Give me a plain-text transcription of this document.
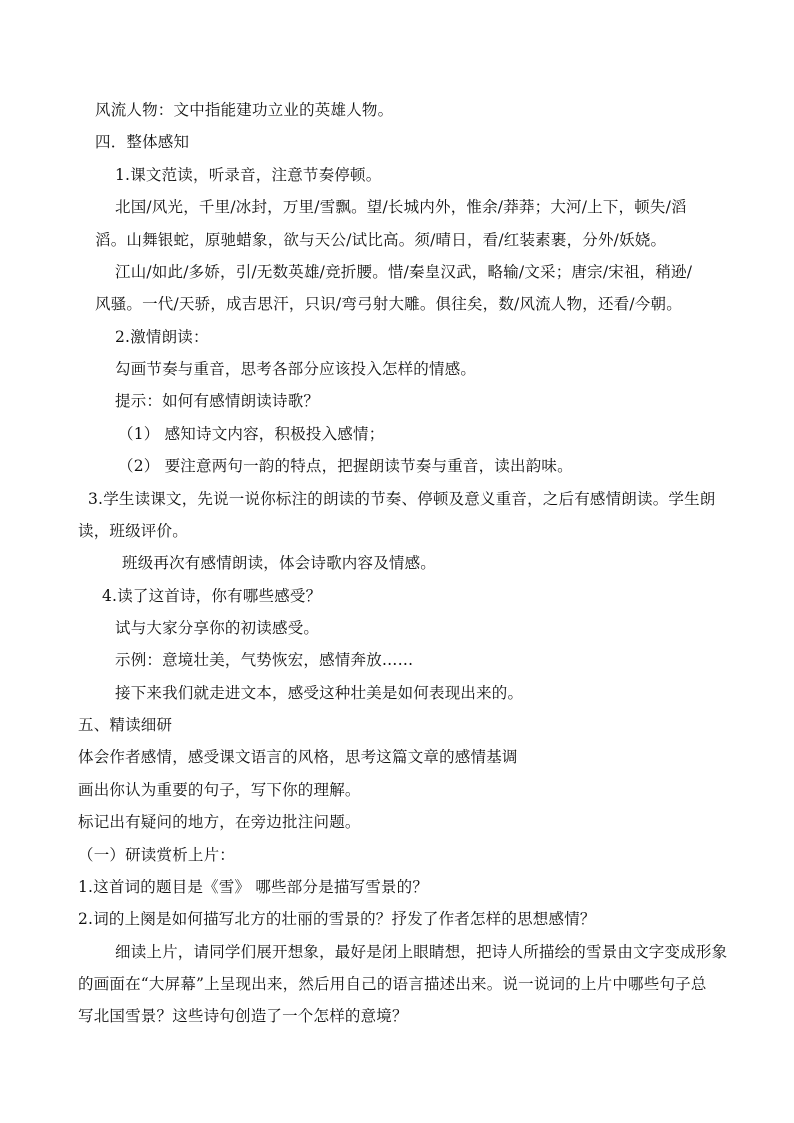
风流人物：文中指能建功立业的英雄人物。
四．整体感知
1.课文范读，听录音，注意节奏停顿。
北国/风光，千里/冰封，万里/雪飘。望/长城内外，惟余/莽莽；大河/上下，顿失/滔
滔。山舞银蛇，原驰蜡象，欲与天公/试比高。须/晴日，看/红装素裹，分外/妖娆。
江山/如此/多娇，引/无数英雄/竞折腰。惜/秦皇汉武，略输/文采；唐宗/宋祖，稍逊/
风骚。一代/天骄，成吉思汗，只识/弯弓射大雕。俱往矣，数/风流人物，还看/今朝。
2.激情朗读：
勾画节奏与重音，思考各部分应该投入怎样的情感。
提示：如何有感情朗读诗歌？
（1） 感知诗文内容，积极投入感情；
（2） 要注意两句一韵的特点，把握朗读节奏与重音，读出韵味。
3.学生读课文，先说一说你标注的朗读的节奏、停顿及意义重音，之后有感情朗读。学生朗
读，班级评价。
班级再次有感情朗读，体会诗歌内容及情感。
4.读了这首诗，你有哪些感受？
试与大家分享你的初读感受。
示例：意境壮美，气势恢宏，感情奔放……
接下来我们就走进文本，感受这种壮美是如何表现出来的。
五、精读细研
体会作者感情，感受课文语言的风格，思考这篇文章的感情基调
画出你认为重要的句子，写下你的理解。
标记出有疑问的地方，在旁边批注问题。
（一）研读赏析上片：
1.这首词的题目是《雪》 哪些部分是描写雪景的？
2.词的上阕是如何描写北方的壮丽的雪景的？抒发了作者怎样的思想感情？
细读上片，请同学们展开想象，最好是闭上眼睛想，把诗人所描绘的雪景由文字变成形象
的画面在“大屏幕”上呈现出来，然后用自己的语言描述出来。说一说词的上片中哪些句子总
写北国雪景？这些诗句创造了一个怎样的意境？
